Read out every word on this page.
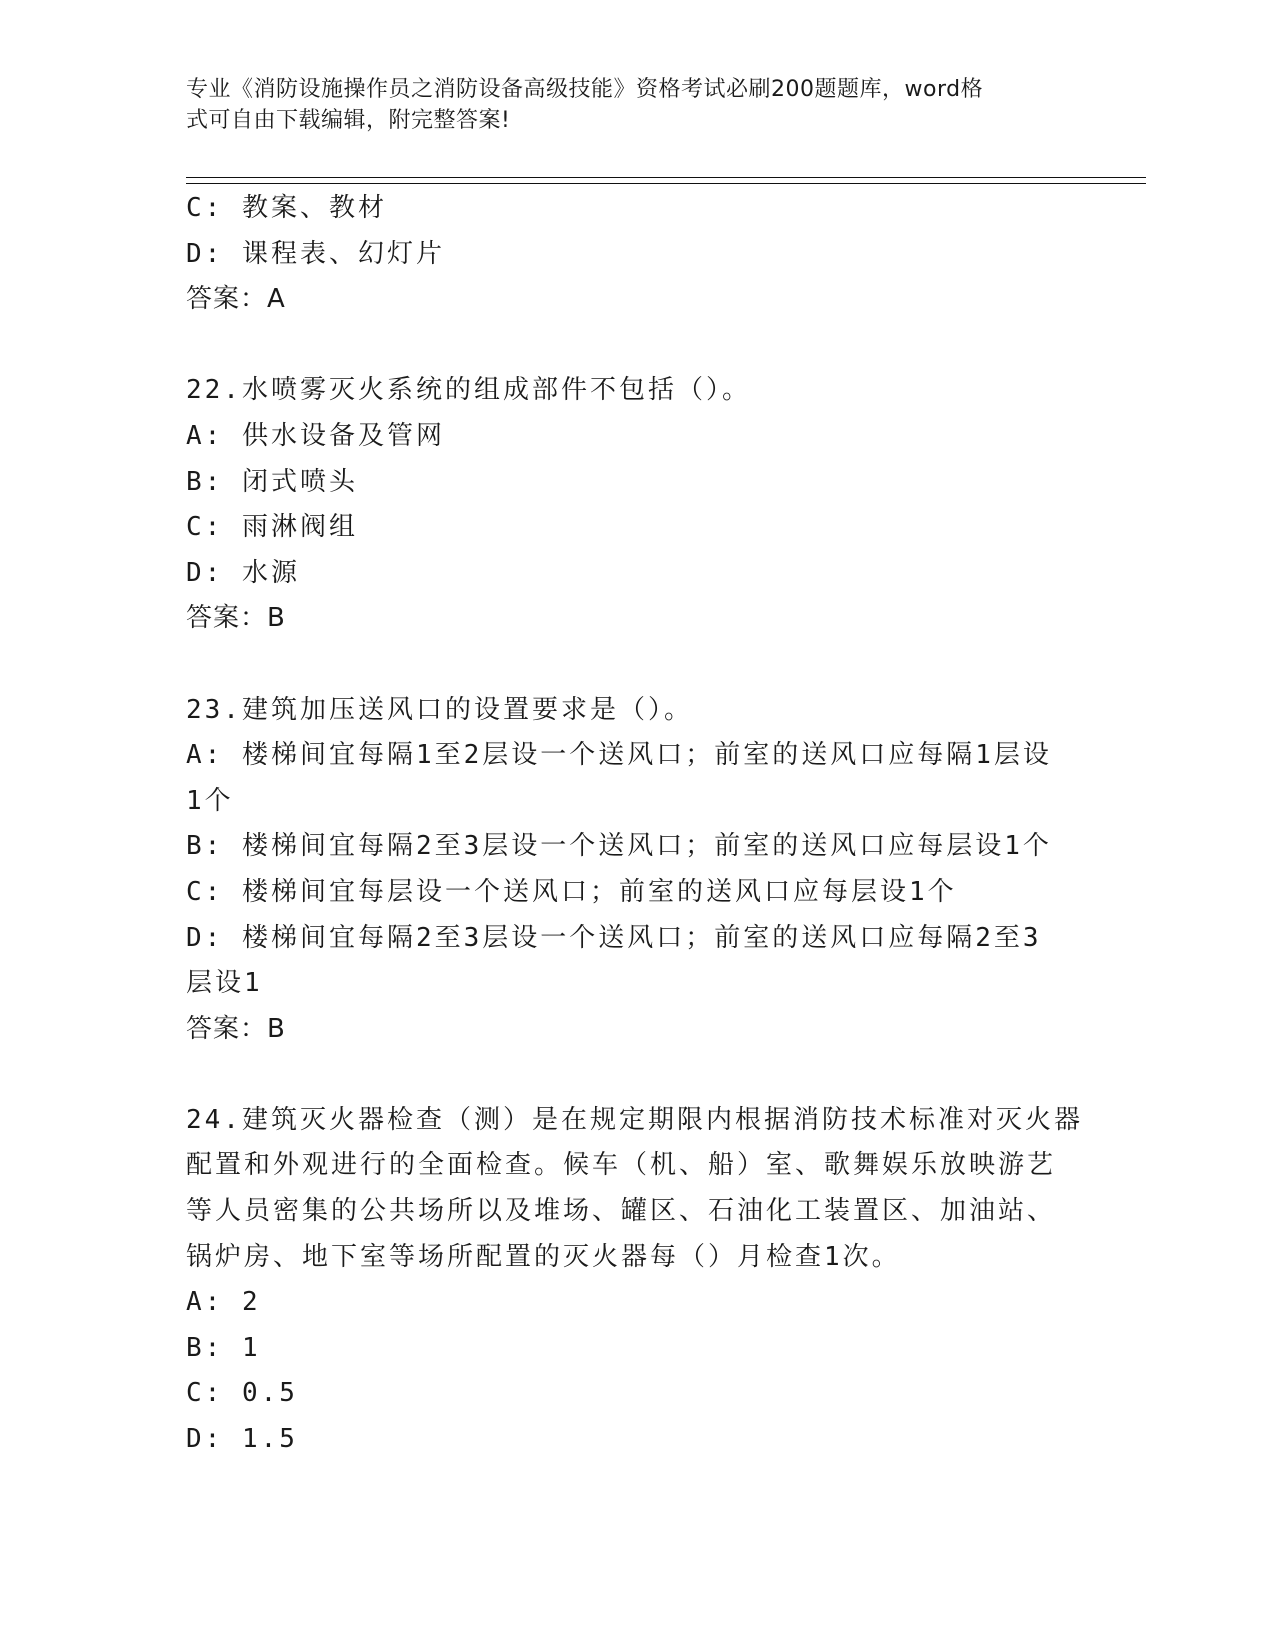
专业《消防设施操作员之消防设备高级技能》资格考试必刷200题题库，word格
式可自由下载编辑，附完整答案!
C: 教案、教材
D: 课程表、幻灯片
答案：A
22.水喷雾灭火系统的组成部件不包括（）。
A: 供水设备及管网
B: 闭式喷头
C: 雨淋阀组
D: 水源
答案：B
23.建筑加压送风口的设置要求是（）。
A: 楼梯间宜每隔1至2层设一个送风口；前室的送风口应每隔1层设
1个
B: 楼梯间宜每隔2至3层设一个送风口；前室的送风口应每层设1个
C: 楼梯间宜每层设一个送风口；前室的送风口应每层设1个
D: 楼梯间宜每隔2至3层设一个送风口；前室的送风口应每隔2至3
层设1
答案：B
24.建筑灭火器检查（测）是在规定期限内根据消防技术标准对灭火器
配置和外观进行的全面检查。候车（机、船）室、歌舞娱乐放映游艺
等人员密集的公共场所以及堆场、罐区、石油化工装置区、加油站、
锅炉房、地下室等场所配置的灭火器每（）月检查1次。
A: 2
B: 1
C: 0.5
D: 1.5
